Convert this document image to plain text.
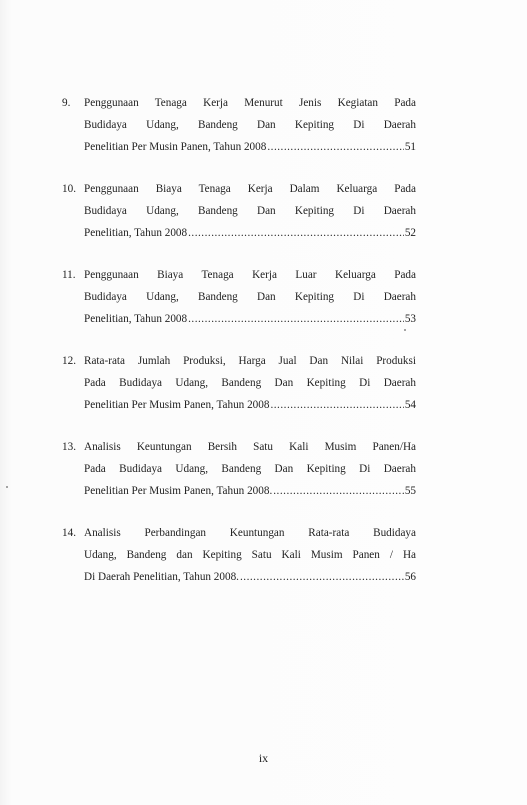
9.	Penggunaan Tenaga Kerja Menurut Jenis Kegiatan Pada
Budidaya Udang, Bandeng Dan Kepiting Di Daerah
Penelitian Per Musin Panen, Tahun 2008 .....	51
10. Penggunaan Biaya Tenaga Kerja Dalam Keluarga Pada
Budidaya Udang, Bandeng Dan Kepiting Di Daerah
Penelitian, Tahun 2008 .....	52
11. Penggunaan Biaya Tenaga Kerja Luar Keluarga Pada
Budidaya Udang, Bandeng Dan Kepiting Di Daerah
Penelitian, Tahun 2008 .....	53
12. Rata-rata Jumlah Produksi, Harga Jual Dan Nilai Produksi
Pada Budidaya Udang, Bandeng Dan Kepiting Di Daerah
Penelitian Per Musim Panen, Tahun 2008 .....	54
13. Analisis Keuntungan Bersih Satu Kali Musim Panen/Ha
Pada Budidaya Udang, Bandeng Dan Kepiting Di Daerah
Penelitian Per Musim Panen, Tahun 2008. .....	55
14. Analisis Perbandingan Keuntungan Rata-rata Budidaya
Udang, Bandeng dan Kepiting Satu Kali Musim Panen / Ha
Di Daerah Penelitian, Tahun 2008. .....	56
ix
